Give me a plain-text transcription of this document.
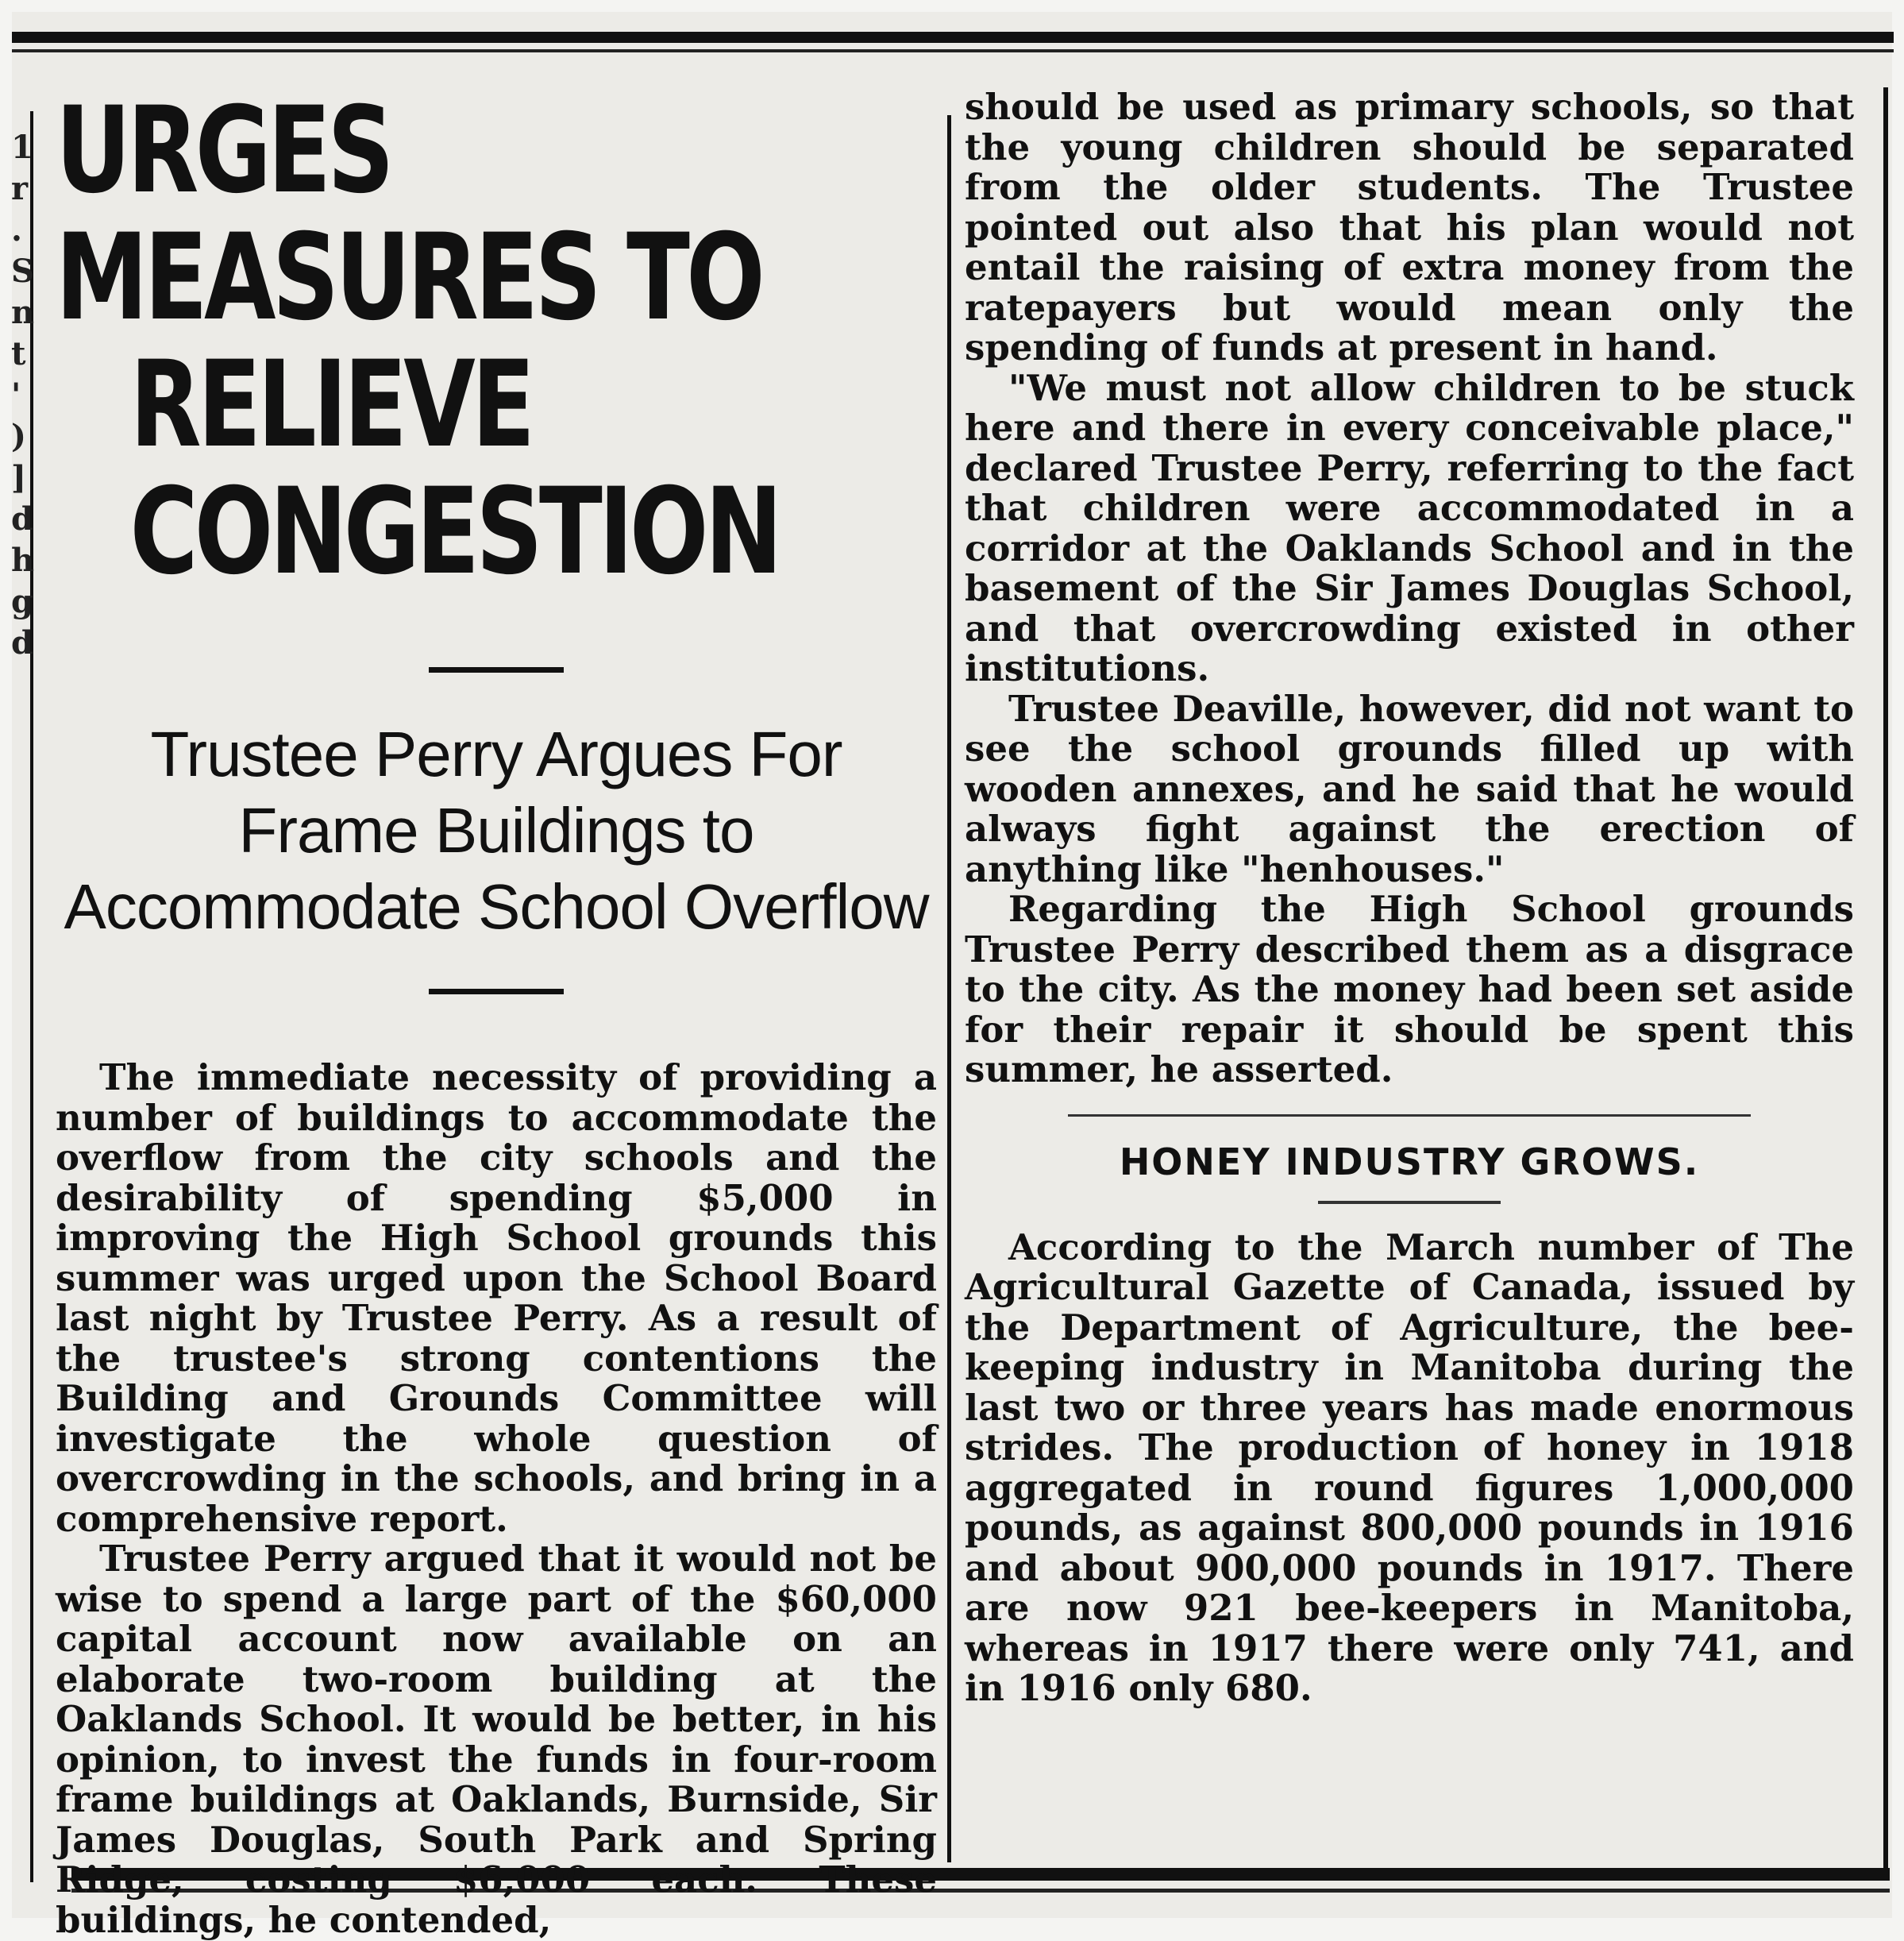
1 r . S n t ' ) ] d h g d
URGES MEASURES TO
RELIEVE CONGESTION
Trustee Perry Argues For Frame Buildings to Accommodate School Overflow

The immediate necessity of providing a number of buildings to accommodate the overflow from the city schools and the desirability of spending $5,000 in improving the High School grounds this summer was urged upon the School Board last night by Trustee Perry. As a result of the trustee's strong contentions the Building and Grounds Committee will investigate the whole question of overcrowding in the schools, and bring in a comprehensive report.

Trustee Perry argued that it would not be wise to spend a large part of the $60,000 capital account now available on an elaborate two-room building at the Oaklands School. It would be better, in his opinion, to invest the funds in four-room frame buildings at Oaklands, Burnside, Sir James Douglas, South Park and Spring Ridge, costing $6,000 each. These buildings, he contended,

should be used as primary schools, so that the young children should be separated from the older students. The Trustee pointed out also that his plan would not entail the raising of extra money from the ratepayers but would mean only the spending of funds at present in hand.

"We must not allow children to be stuck here and there in every conceivable place," declared Trustee Perry, referring to the fact that children were accommodated in a corridor at the Oaklands School and in the basement of the Sir James Douglas School, and that overcrowding existed in other institutions.

Trustee Deaville, however, did not want to see the school grounds filled up with wooden annexes, and he said that he would always fight against the erection of anything like "henhouses."

Regarding the High School grounds Trustee Perry described them as a disgrace to the city. As the money had been set aside for their repair it should be spent this summer, he asserted.

HONEY INDUSTRY GROWS.

According to the March number of The Agricultural Gazette of Canada, issued by the Department of Agriculture, the bee-keeping industry in Manitoba during the last two or three years has made enormous strides. The production of honey in 1918 aggregated in round figures 1,000,000 pounds, as against 800,000 pounds in 1916 and about 900,000 pounds in 1917. There are now 921 bee-keepers in Manitoba, whereas in 1917 there were only 741, and in 1916 only 680.
